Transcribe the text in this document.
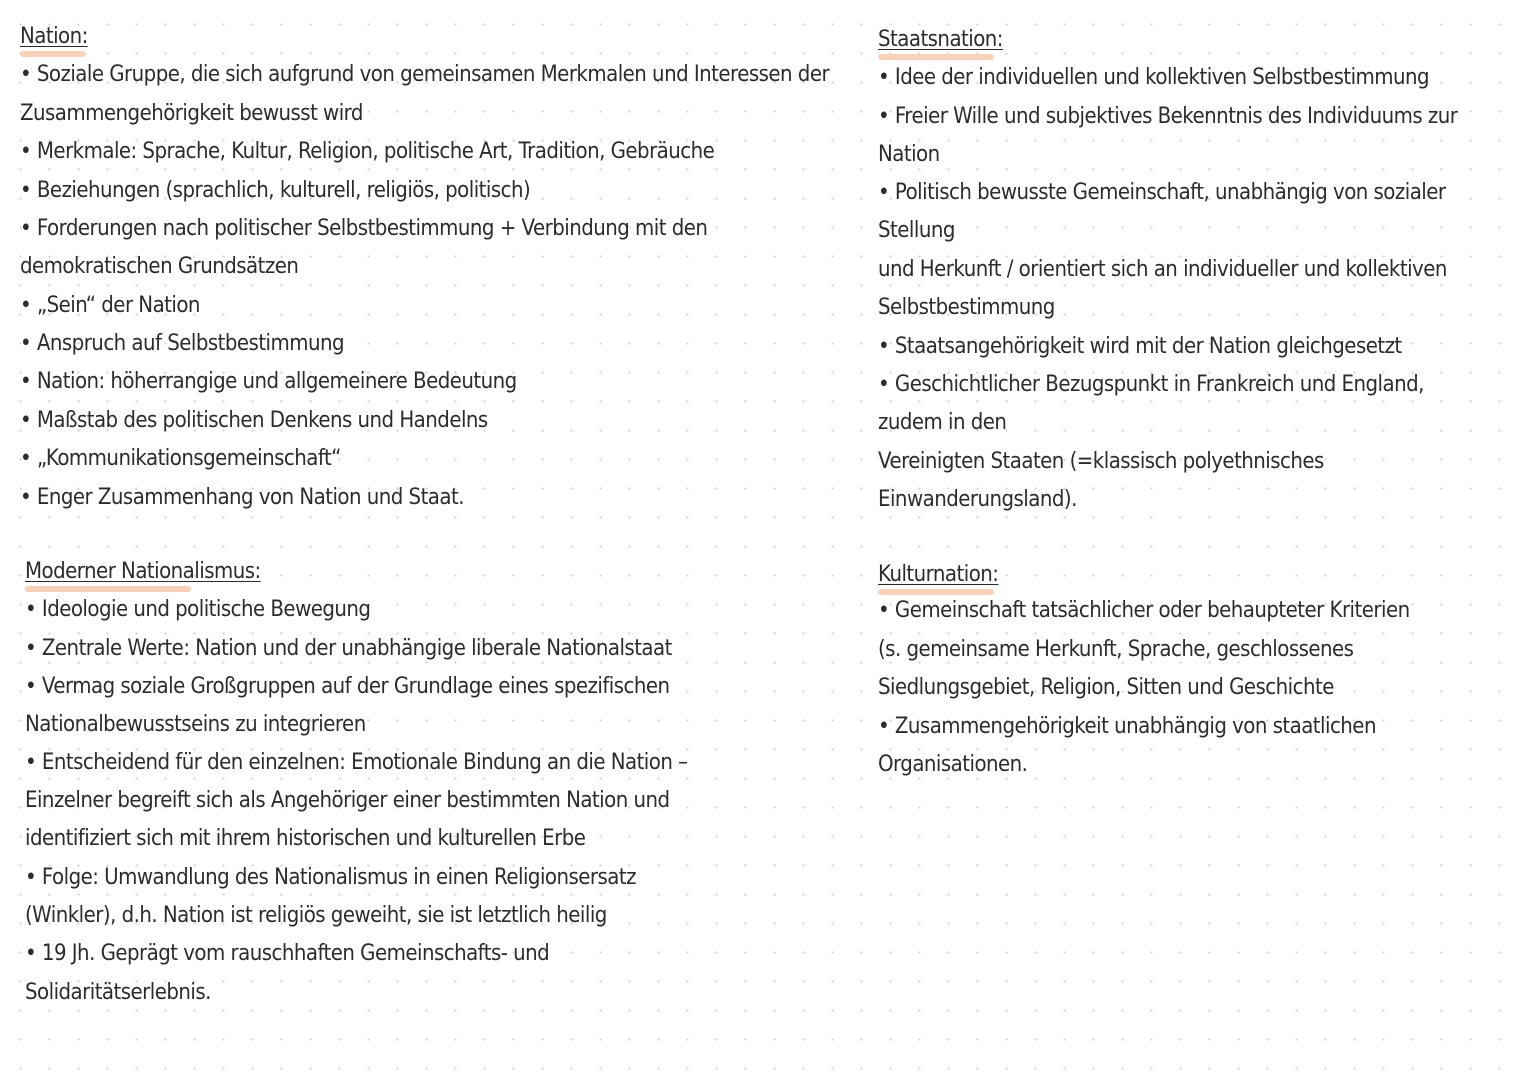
Nation:
• Soziale Gruppe, die sich aufgrund von gemeinsamen Merkmalen und Interessen der
Zusammengehörigkeit bewusst wird
• Merkmale: Sprache, Kultur, Religion, politische Art, Tradition, Gebräuche
• Beziehungen (sprachlich, kulturell, religiös, politisch)
• Forderungen nach politischer Selbstbestimmung + Verbindung mit den
demokratischen Grundsätzen
• „Sein“ der Nation
• Anspruch auf Selbstbestimmung
• Nation: höherrangige und allgemeinere Bedeutung
• Maßstab des politischen Denkens und Handelns
• „Kommunikationsgemeinschaft“
• Enger Zusammenhang von Nation und Staat.
Moderner Nationalismus:
• Ideologie und politische Bewegung
• Zentrale Werte: Nation und der unabhängige liberale Nationalstaat
• Vermag soziale Großgruppen auf der Grundlage eines spezifischen
Nationalbewusstseins zu integrieren
• Entscheidend für den einzelnen: Emotionale Bindung an die Nation –
Einzelner begreift sich als Angehöriger einer bestimmten Nation und
identifiziert sich mit ihrem historischen und kulturellen Erbe
• Folge: Umwandlung des Nationalismus in einen Religionsersatz
(Winkler), d.h. Nation ist religiös geweiht, sie ist letztlich heilig
• 19 Jh. Geprägt vom rauschhaften Gemeinschafts- und
Solidaritätserlebnis.
Staatsnation:
• Idee der individuellen und kollektiven Selbstbestimmung
• Freier Wille und subjektives Bekenntnis des Individuums zur
Nation
• Politisch bewusste Gemeinschaft, unabhängig von sozialer
Stellung
und Herkunft / orientiert sich an individueller und kollektiven
Selbstbestimmung
• Staatsangehörigkeit wird mit der Nation gleichgesetzt
• Geschichtlicher Bezugspunkt in Frankreich und England,
zudem in den
Vereinigten Staaten (=klassisch polyethnisches
Einwanderungsland).
Kulturnation:
• Gemeinschaft tatsächlicher oder behaupteter Kriterien
(s. gemeinsame Herkunft, Sprache, geschlossenes
Siedlungsgebiet, Religion, Sitten und Geschichte
• Zusammengehörigkeit unabhängig von staatlichen
Organisationen.
